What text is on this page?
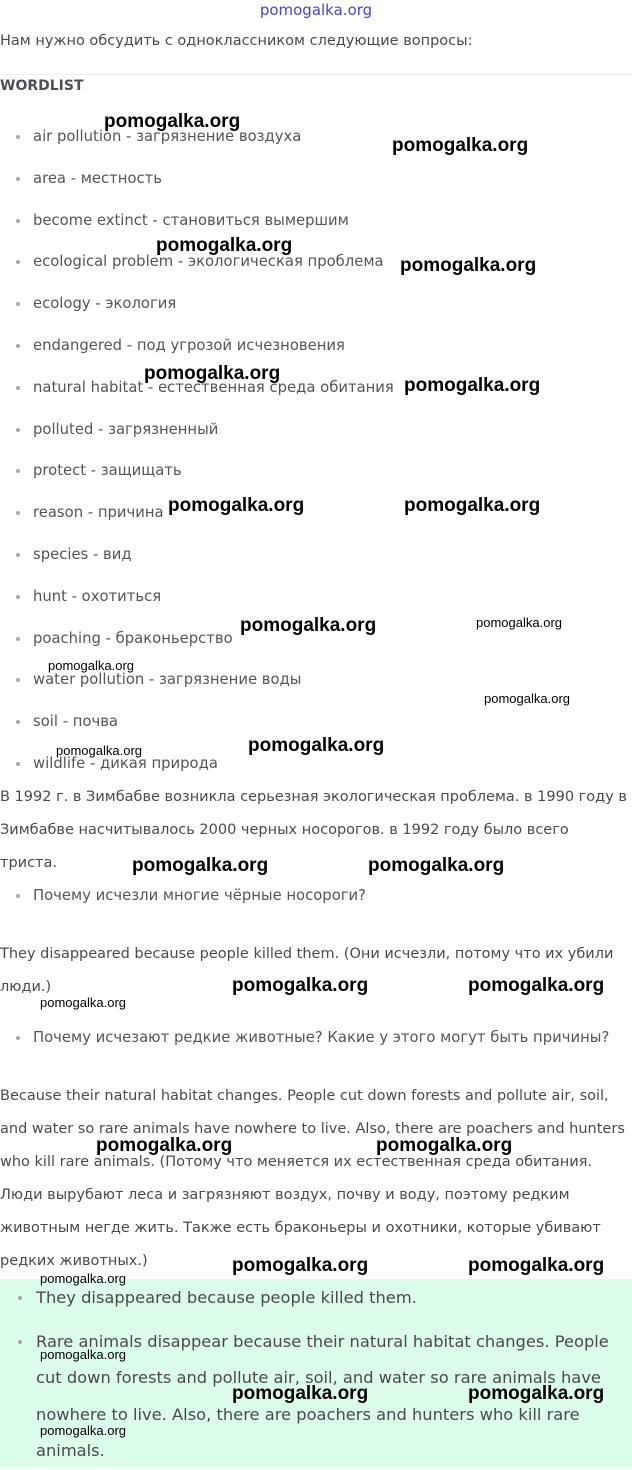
pomogalka.org
Нам нужно обсудить с одноклассником следующие вопросы:
WORDLIST
air pollution - загрязнение воздуха
area - местность
become extinct - становиться вымершим
ecological problem - экологическая проблема
ecology - экология
endangered - под угрозой исчезновения
natural habitat - естественная среда обитания
polluted - загрязненный
protect - защищать
reason - причина
species - вид
hunt - охотиться
poaching - браконьерство
water pollution - загрязнение воды
soil - почва
wildlife - дикая природа

В 1992 г. в Зимбабве возникла серьезная экологическая проблема. в 1990 году в Зимбабве насчитывалось 2000 черных носорогов. в 1992 году было всего триста.

Почему исчезли многие чёрные носороги?

They disappeared because people killed them. (Они исчезли, потому что их убили люди.)

Почему исчезают редкие животные? Какие у этого могут быть причины?

Because their natural habitat changes. People cut down forests and pollute air, soil, and water so rare animals have nowhere to live. Also, there are poachers and hunters who kill rare animals. (Потому что меняется их естественная среда обитания. Люди вырубают леса и загрязняют воздух, почву и воду, поэтому редким животным негде жить. Также есть браконьеры и охотники, которые убивают редких животных.)

They disappeared because people killed them.
Rare animals disappear because their natural habitat changes. People cut down forests and pollute air, soil, and water so rare animals have nowhere to live. Also, there are poachers and hunters who kill rare animals.
pomogalka.org
pomogalka.org
pomogalka.org
pomogalka.org
pomogalka.org
pomogalka.org
pomogalka.org	pomogalka.org
pomogalka.org	pomogalka.org
pomogalka.org
pomogalka.org
pomogalka.org
pomogalka.org
pomogalka.org	pomogalka.org
pomogalka.org	pomogalka.org
pomogalka.org
pomogalka.org	pomogalka.org
pomogalka.org	pomogalka.org
pomogalka.org
pomogalka.org
pomogalka.org	pomogalka.org
pomogalka.org
